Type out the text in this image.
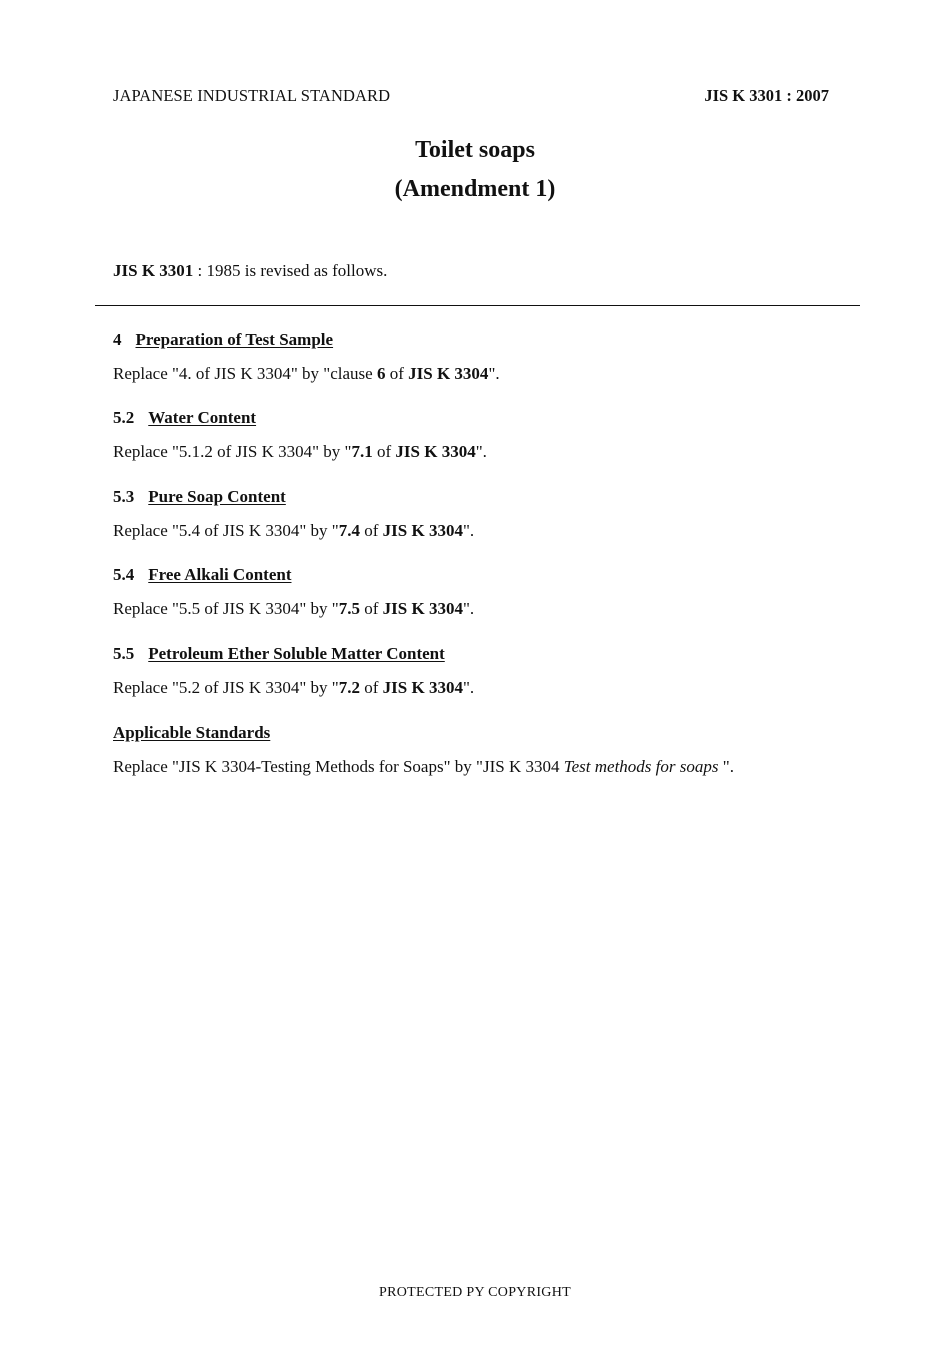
JAPANESE INDUSTRIAL STANDARD	JIS K 3301 : 2007
Toilet soaps
(Amendment 1)
JIS K 3301 : 1985 is revised as follows.
4 Preparation of Test Sample
Replace "4. of JIS K 3304" by "clause 6 of JIS K 3304".
5.2 Water Content
Replace "5.1.2 of JIS K 3304" by "7.1 of JIS K 3304".
5.3 Pure Soap Content
Replace "5.4 of JIS K 3304" by "7.4 of JIS K 3304".
5.4 Free Alkali Content
Replace "5.5 of JIS K 3304" by "7.5 of JIS K 3304".
5.5 Petroleum Ether Soluble Matter Content
Replace "5.2 of JIS K 3304" by "7.2 of JIS K 3304".
Applicable Standards
Replace "JIS K 3304-Testing Methods for Soaps" by "JIS K 3304 Test methods for soaps ".
PROTECTED PY COPYRIGHT
